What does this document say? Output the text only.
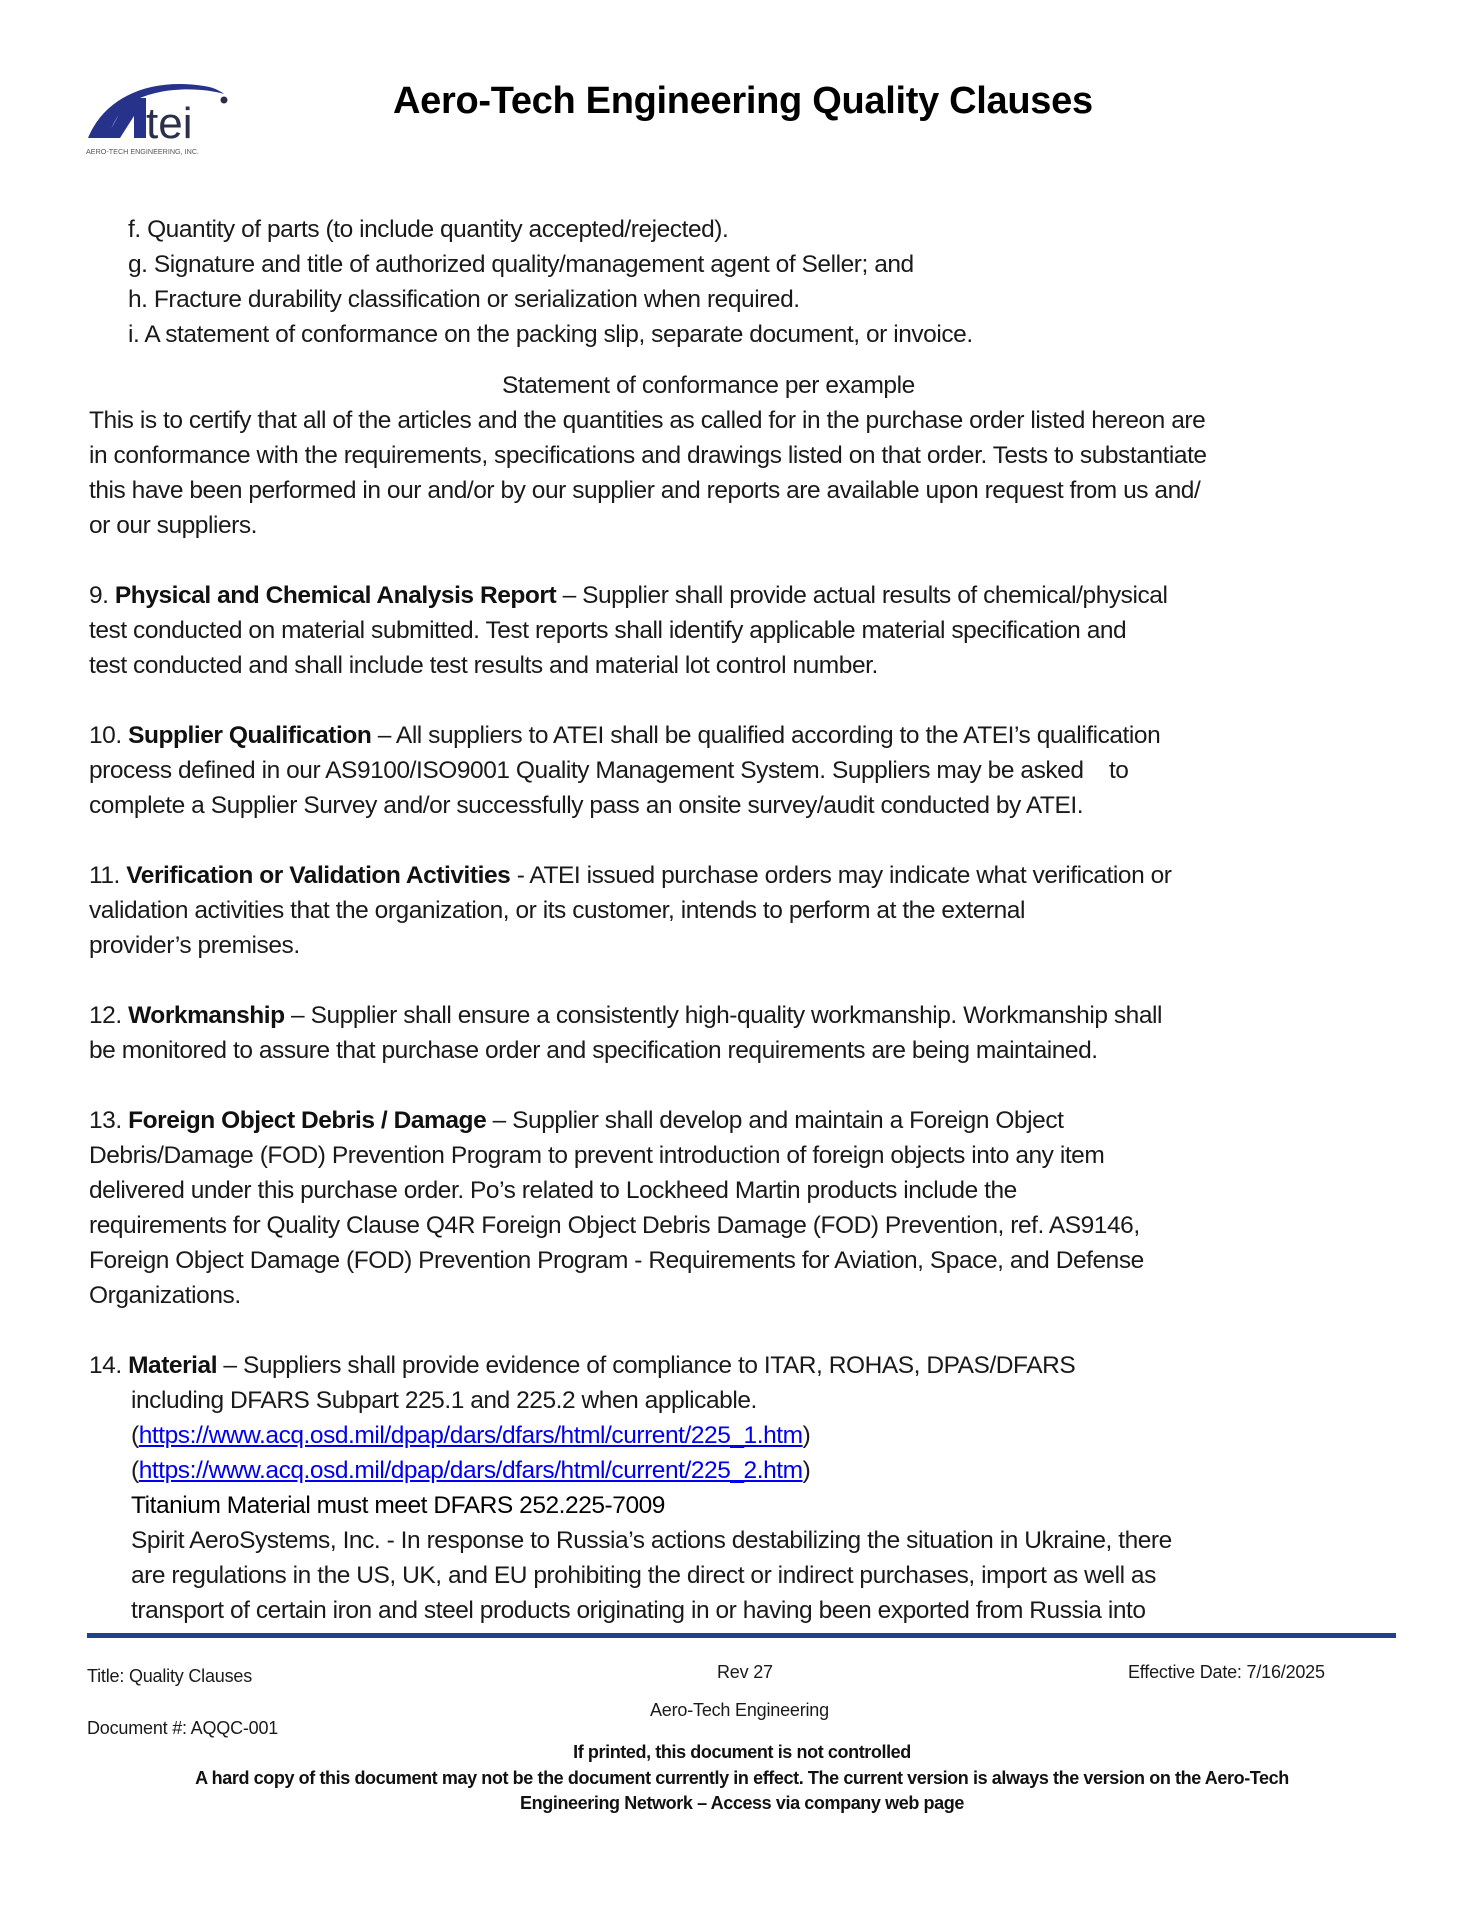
tei
AERO-TECH ENGINEERING, INC.
Aero-Tech Engineering Quality Clauses
f. Quantity of parts (to include quantity accepted/rejected).
g. Signature and title of authorized quality/management agent of Seller; and
h. Fracture durability classification or serialization when required.
i. A statement of conformance on the packing slip, separate document, or invoice.
Statement of conformance per example
This is to certify that all of the articles and the quantities as called for in the purchase order listed hereon are
in conformance with the requirements, specifications and drawings listed on that order. Tests to substantiate
this have been performed in our and/or by our supplier and reports are available upon request from us and/
or our suppliers.
9. Physical and Chemical Analysis Report – Supplier shall provide actual results of chemical/physical
test conducted on material submitted. Test reports shall identify applicable material specification and
test conducted and shall include test results and material lot control number.
10. Supplier Qualification – All suppliers to ATEI shall be qualified according to the ATEI’s qualification
process defined in our AS9100/ISO9001 Quality Management System. Suppliers may be asked    to
complete a Supplier Survey and/or successfully pass an onsite survey/audit conducted by ATEI.
11. Verification or Validation Activities - ATEI issued purchase orders may indicate what verification or
validation activities that the organization, or its customer, intends to perform at the external
provider’s premises.
12. Workmanship – Supplier shall ensure a consistently high-quality workmanship. Workmanship shall
be monitored to assure that purchase order and specification requirements are being maintained.
13. Foreign Object Debris / Damage – Supplier shall develop and maintain a Foreign Object
Debris/Damage (FOD) Prevention Program to prevent introduction of foreign objects into any item
delivered under this purchase order. Po’s related to Lockheed Martin products include the
requirements for Quality Clause Q4R Foreign Object Debris Damage (FOD) Prevention, ref. AS9146,
Foreign Object Damage (FOD) Prevention Program - Requirements for Aviation, Space, and Defense
Organizations.
14. Material – Suppliers shall provide evidence of compliance to ITAR, ROHAS, DPAS/DFARS
including DFARS Subpart 225.1 and 225.2 when applicable.
(https://www.acq.osd.mil/dpap/dars/dfars/html/current/225_1.htm)
(https://www.acq.osd.mil/dpap/dars/dfars/html/current/225_2.htm)
Titanium Material must meet DFARS 252.225-7009
Spirit AeroSystems, Inc. - In response to Russia’s actions destabilizing the situation in Ukraine, there
are regulations in the US, UK, and EU prohibiting the direct or indirect purchases, import as well as
transport of certain iron and steel products originating in or having been exported from Russia into
Title: Quality Clauses	Rev 27	Effective Date: 7/16/2025
Aero-Tech Engineering
Document #: AQQC-001
If printed, this document is not controlled
A hard copy of this document may not be the document currently in effect. The current version is always the version on the Aero-Tech
Engineering Network – Access via company web page
